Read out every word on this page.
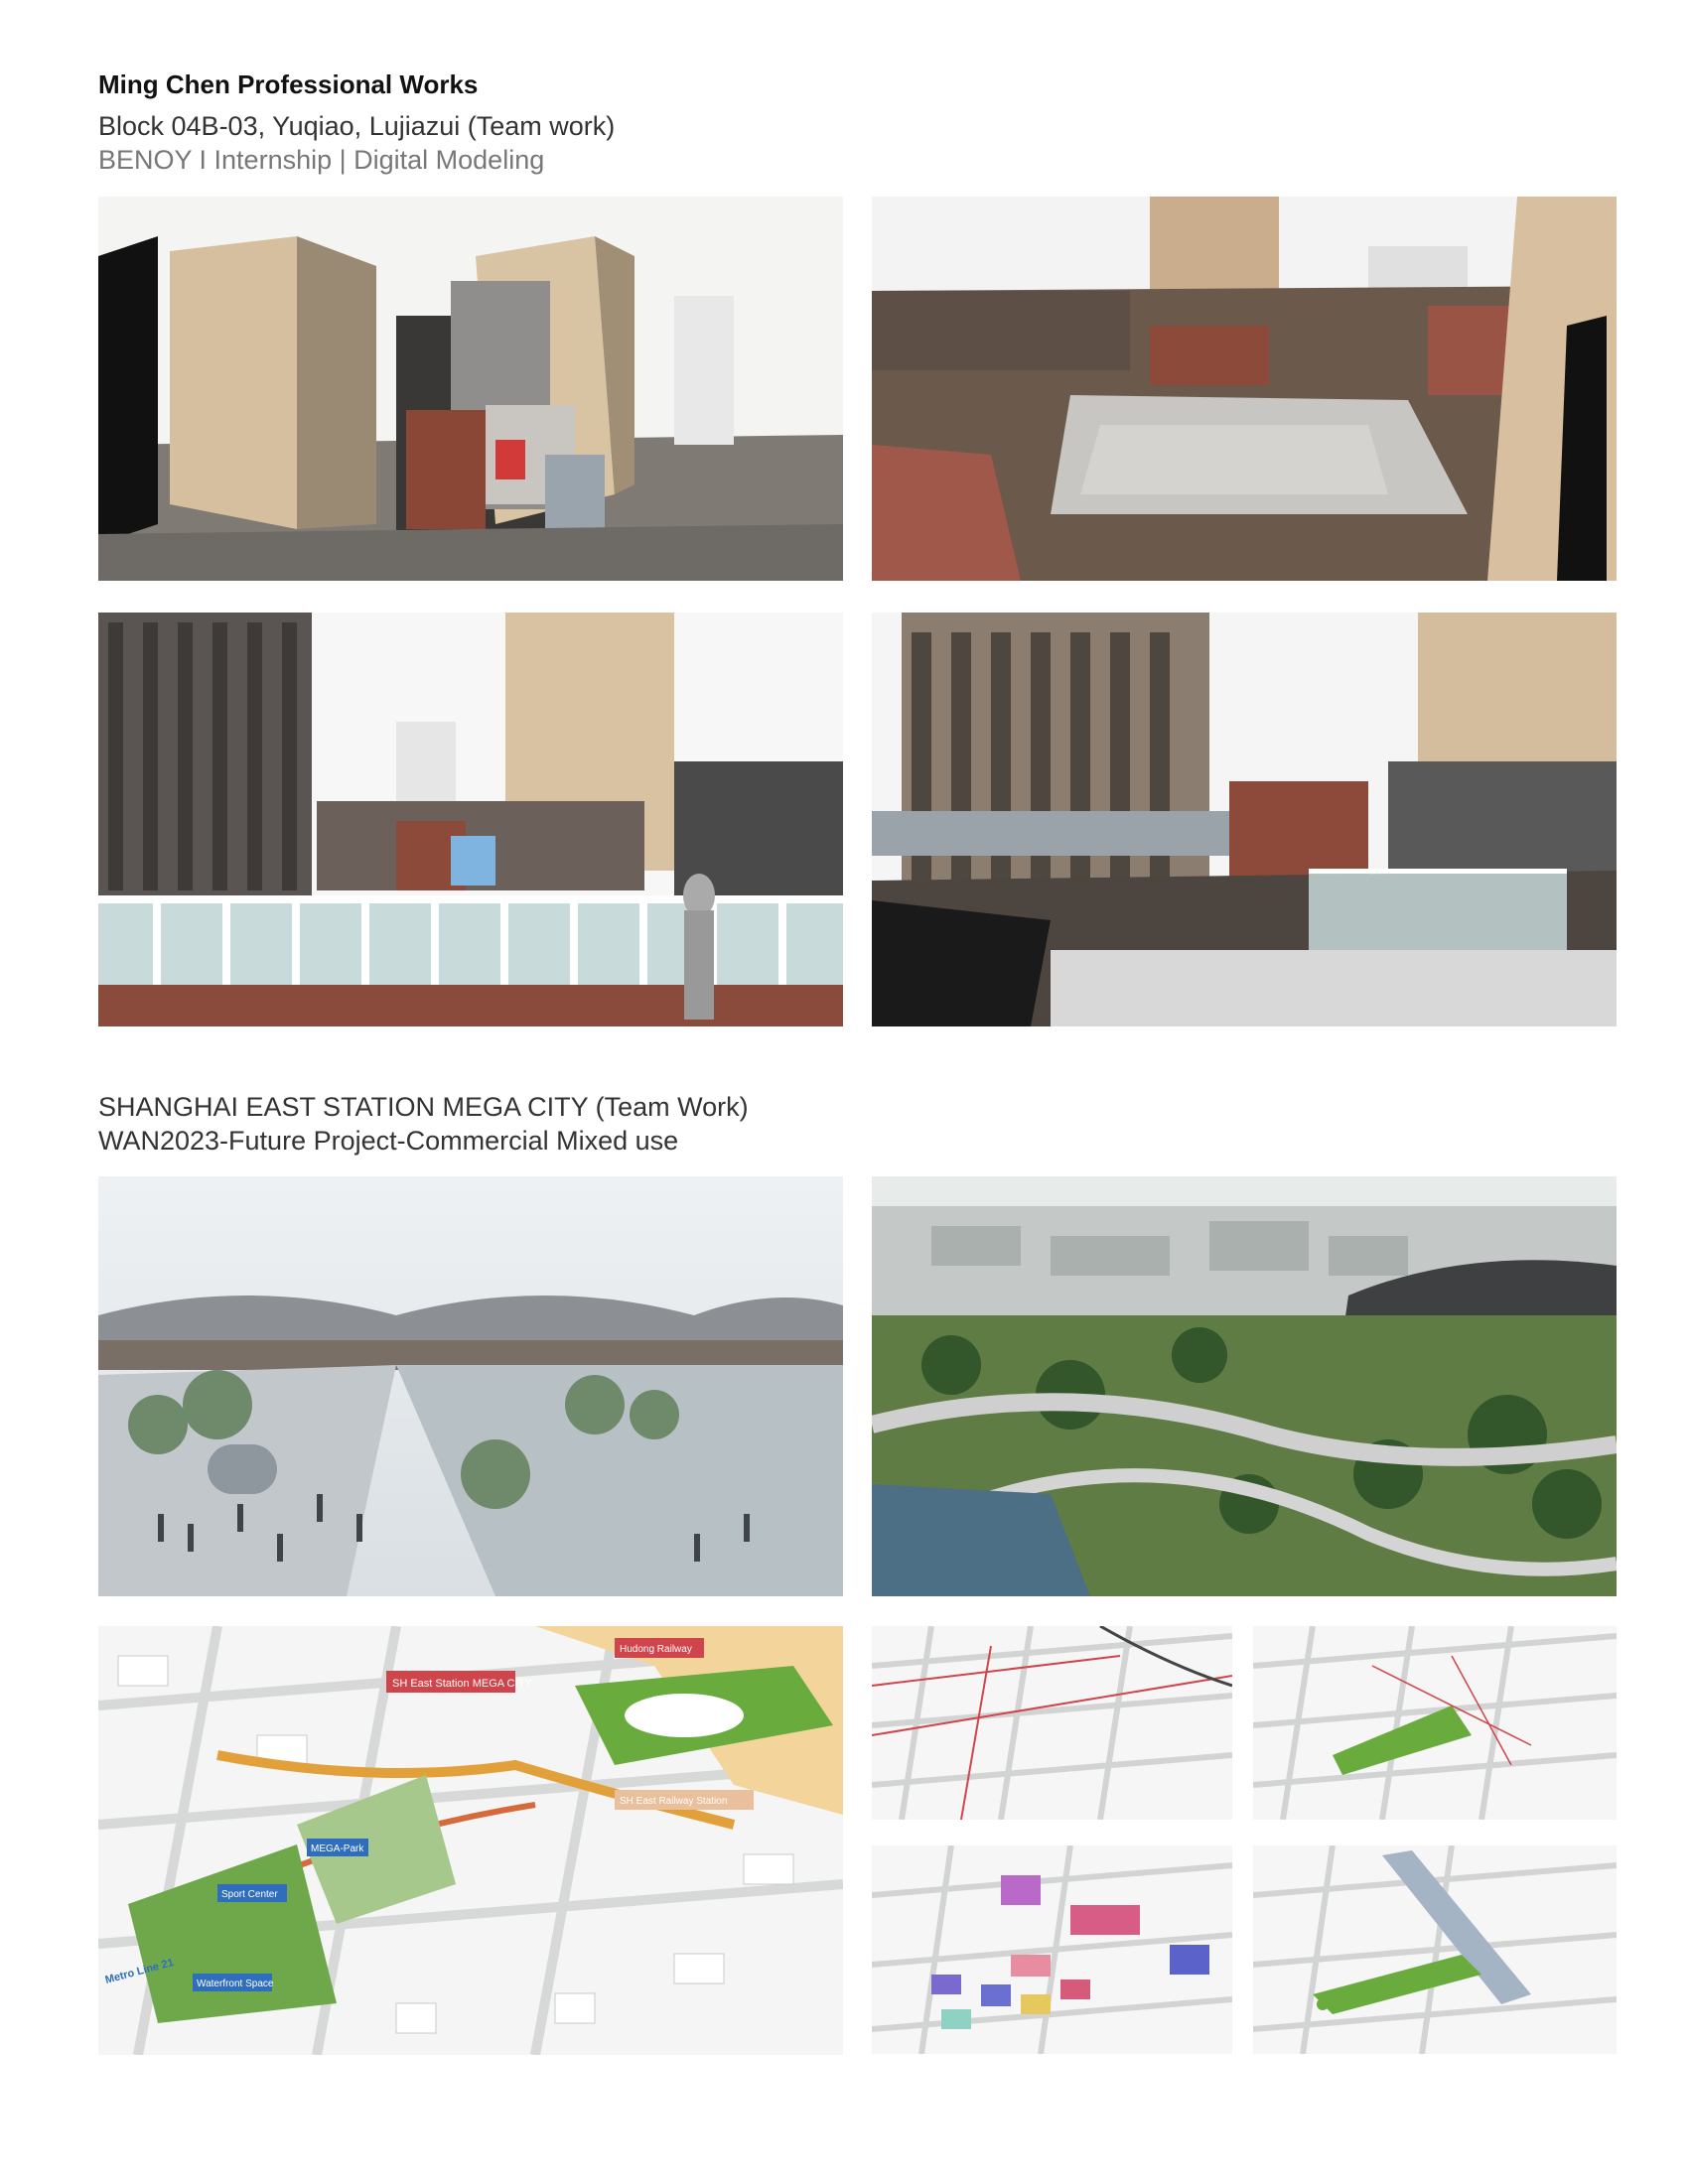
Ming Chen Professional Works
Block 04B-03, Yuqiao, Lujiazui (Team work)
BENOY I Internship | Digital Modeling
SHANGHAI EAST STATION MEGA CITY (Team Work)
WAN2023-Future Project-Commercial Mixed use
SH East Station MEGA CITY
Hudong Railway
SH East Railway Station
MEGA-Park
Sport Center
Waterfront Space
Metro Line 21
